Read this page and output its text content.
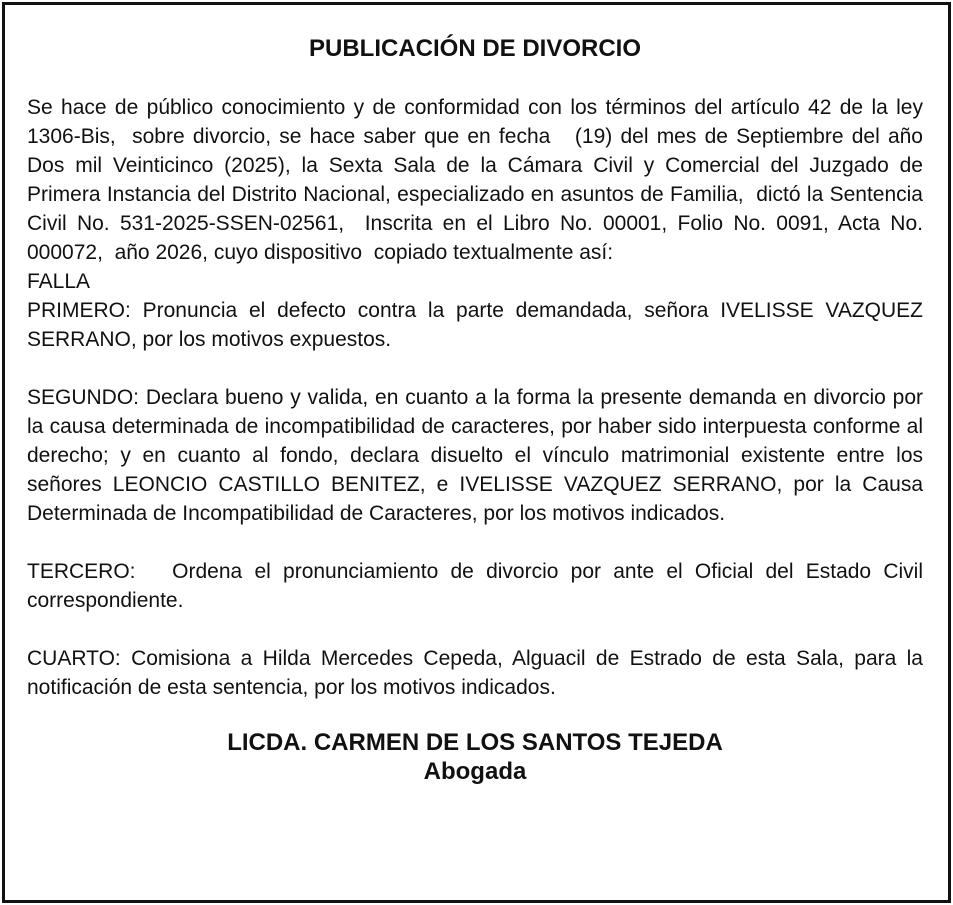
PUBLICACIÓN DE DIVORCIO

Se hace de público conocimiento y de conformidad con los términos del artículo 42 de la ley 1306-Bis,  sobre divorcio, se hace saber que en fecha   (19) del mes de Septiembre del año Dos mil Veinticinco (2025), la Sexta Sala de la Cámara Civil y Comercial del Juzgado de Primera Instancia del Distrito Nacional, especializado en asuntos de Familia,  dictó la Sentencia Civil No. 531-2025-SSEN-02561,  Inscrita en el Libro No. 00001, Folio No. 0091, Acta No. 000072,  año 2026, cuyo dispositivo  copiado textualmente así:

FALLA

PRIMERO: Pronuncia el defecto contra la parte demandada, señora IVELISSE VAZQUEZ SERRANO, por los motivos expuestos.

SEGUNDO: Declara bueno y valida, en cuanto a la forma la presente demanda en divorcio por la causa determinada de incompatibilidad de caracteres, por haber sido interpuesta conforme al derecho; y en cuanto al fondo, declara disuelto el vínculo matrimonial existente entre los señores LEONCIO CASTILLO BENITEZ, e IVELISSE VAZQUEZ SERRANO, por la Causa Determinada de Incompatibilidad de Caracteres, por los motivos indicados.

TERCERO:   Ordena el pronunciamiento de divorcio por ante el Oficial del Estado Civil correspondiente.

CUARTO: Comisiona a Hilda Mercedes Cepeda, Alguacil de Estrado de esta Sala, para la notificación de esta sentencia, por los motivos indicados.

LICDA. CARMEN DE LOS SANTOS TEJEDA
Abogada
